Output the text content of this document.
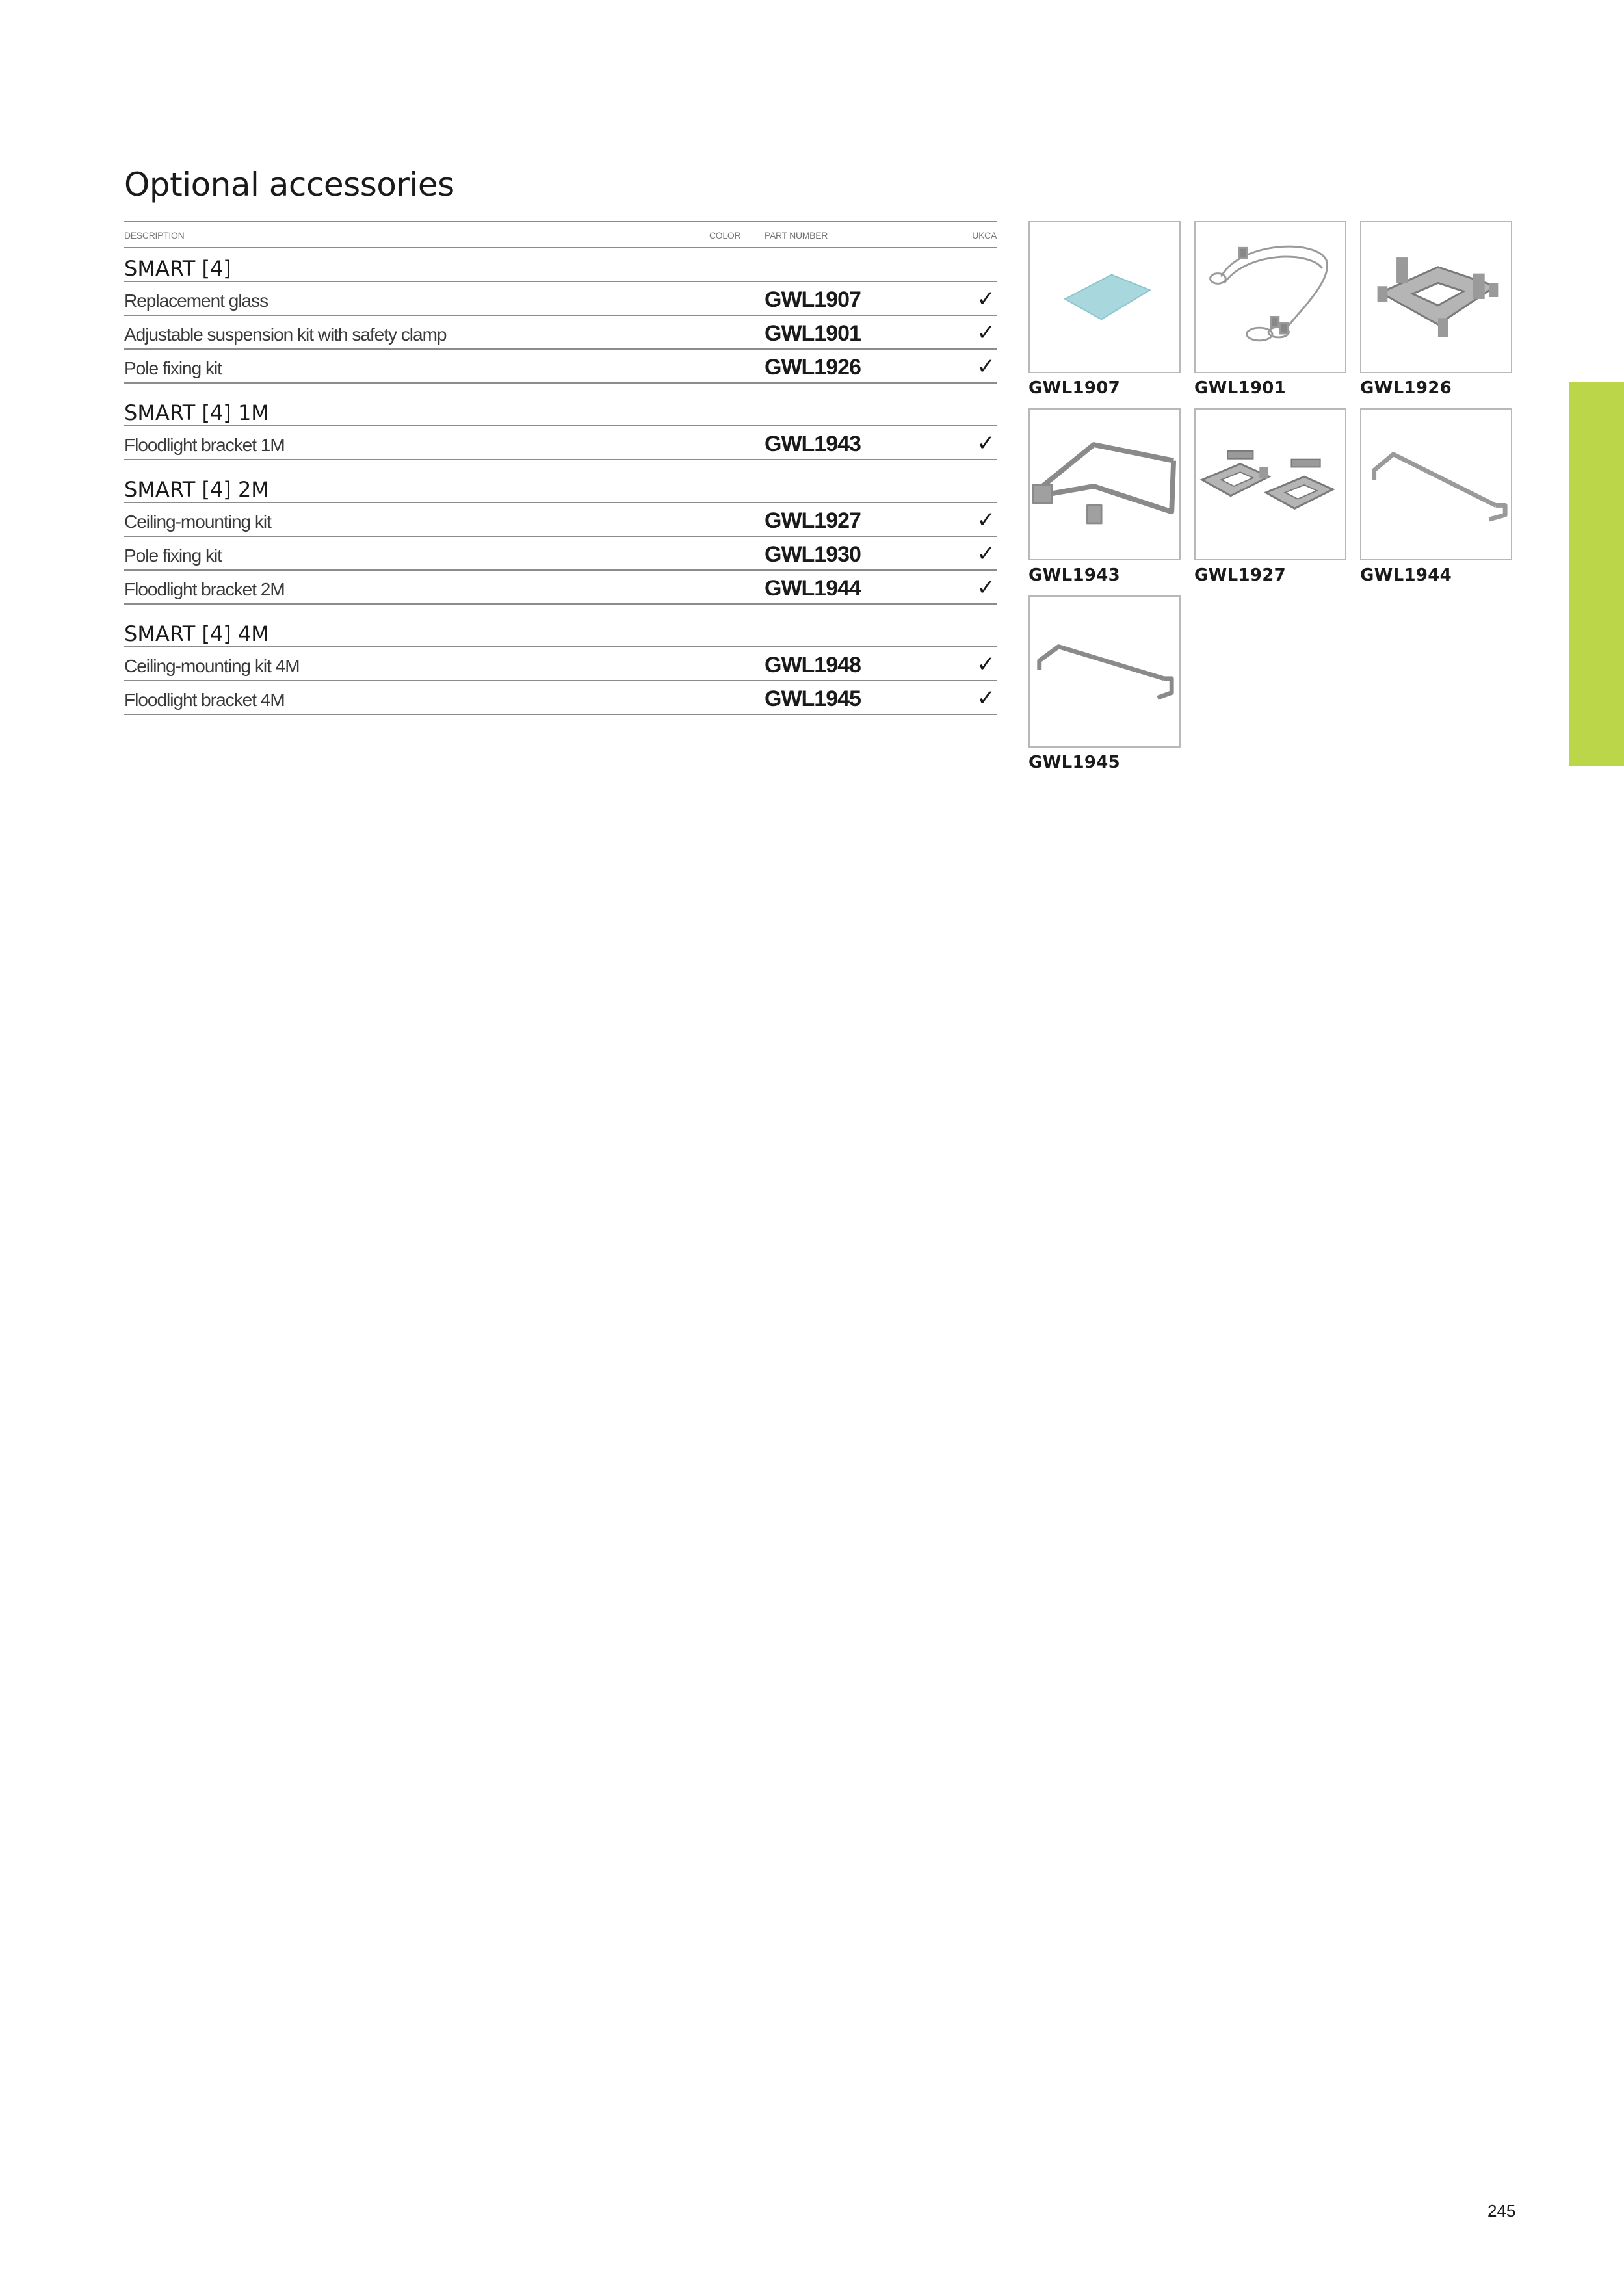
Optional accessories
DESCRIPTION	COLOR	PART NUMBER	UKCA
SMART [4]
Replacement glass	GWL1907	✓
Adjustable suspension kit with safety clamp	GWL1901	✓
Pole fixing kit	GWL1926	✓
SMART [4] 1M
Floodlight bracket 1M	GWL1943	✓
SMART [4] 2M
Ceiling-mounting kit	GWL1927	✓
Pole fixing kit	GWL1930	✓
Floodlight bracket 2M	GWL1944	✓
SMART [4] 4M
Ceiling-mounting kit 4M	GWL1948	✓
Floodlight bracket 4M	GWL1945	✓
GWL1907	GWL1901	GWL1926
GWL1943	GWL1927	GWL1944
GWL1945
245
